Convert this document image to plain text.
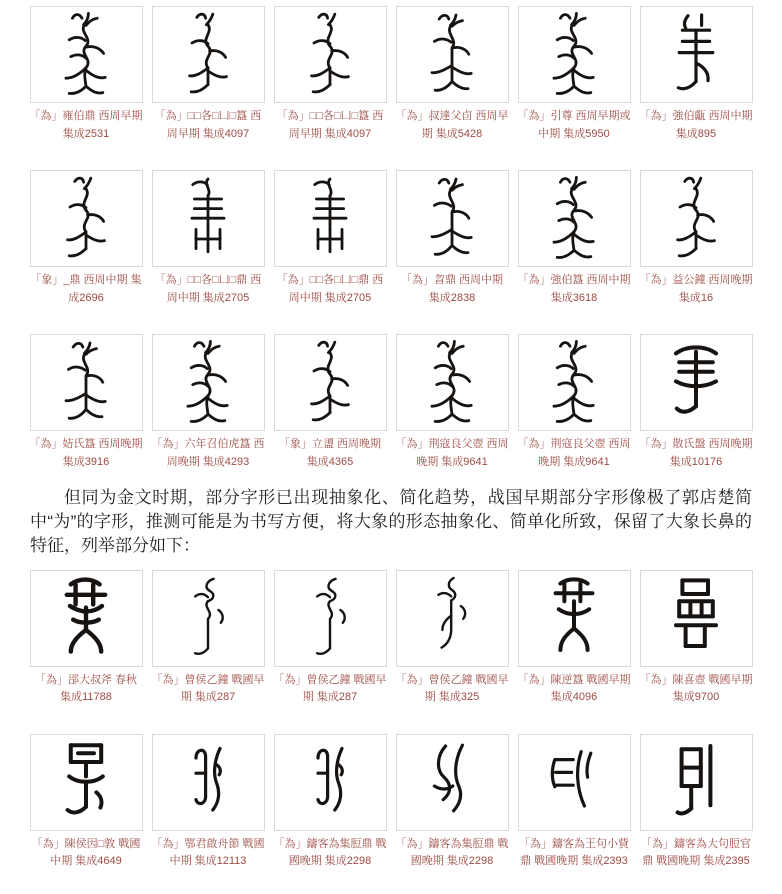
「為」雍伯鼎 西周早期 集成2531
「為」□□各□凵□簋 西周早期 集成4097
「為」□□各□凵□簋 西周早期 集成4097
「為」叔達父卣 西周早期 集成5428
「為」引尊 西周早期或中期 集成5950
「為」強伯甗 西周中期 集成895
「象」_鼎 西周中期 集成2696
「為」□□各□凵□鼎 西周中期 集成2705
「為」□□各□凵□鼎 西周中期 集成2705
「為」曶鼎 西周中期 集成2838
「為」強伯簋 西周中期 集成3618
「為」益公鐘 西周晚期 集成16
「為」姞氏簋 西周晚期 集成3916
「為」六年召伯虎簋 西周晚期 集成4293
「象」立盨 西周晚期 集成4365
「為」荆寇良父壺 西周晚期 集成9641
「為」荆寇良父壺 西周晚期 集成9641
「為」散氏盤 西周晚期 集成10176

但同为金文时期，部分字形已出现抽象化、简化趋势，战国早期部分字形像极了郭店楚简中“为”的字形，推测可能是为书写方便，将大象的形态抽象化、简单化所致，保留了大象长鼻的特征，列举部分如下：

「為」郘大叔斧 春秋 集成11788
「為」曾侯乙鐘 戰國早期 集成287
「為」曾侯乙鐘 戰國早期 集成287
「為」曾侯乙鐘 戰國早期 集成325
「為」陳逆簋 戰國早期 集成4096
「為」陳喜壺 戰國早期 集成9700
「為」陳侯因□敦 戰國中期 集成4649
「為」鄂君啟舟節 戰國中期 集成12113
「為」鑄客為集脰鼎 戰國晚期 集成2298
「為」鑄客為集脰鼎 戰國晚期 集成2298
「為」鑄客為王句小貲鼎 戰國晚期 集成2393
「為」鑄客為大句脰官鼎 戰國晚期 集成2395
